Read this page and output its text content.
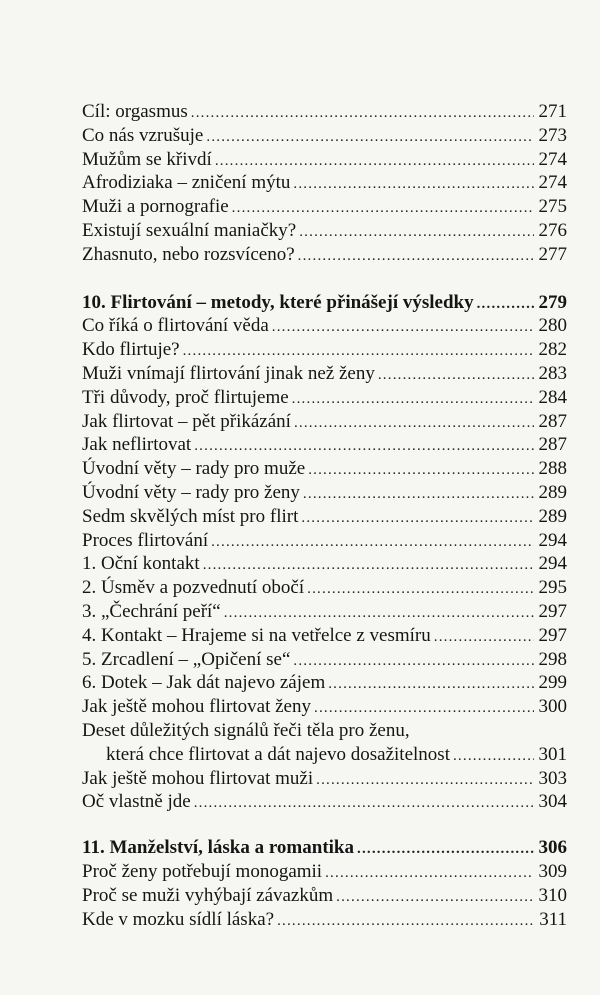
Cíl: orgasmus .....	271
Co nás vzrušuje .....	273
Mužům se křivdí .....	274
Afrodiziaka – zničení mýtu .....	274
Muži a pornografie .....	275
Existují sexuální maniačky? .....	276
Zhasnuto, nebo rozsvíceno? .....	277
10. Flirtování – metody, které přinášejí výsledky .....	279
Co říká o flirtování věda .....	280
Kdo flirtuje? .....	282
Muži vnímají flirtování jinak než ženy .....	283
Tři důvody, proč flirtujeme .....	284
Jak flirtovat – pět přikázání .....	287
Jak neflirtovat .....	287
Úvodní věty – rady pro muže .....	288
Úvodní věty – rady pro ženy .....	289
Sedm skvělých míst pro flirt .....	289
Proces flirtování .....	294
1. Oční kontakt .....	294
2. Úsměv a pozvednutí obočí .....	295
3. „Čechrání peří“ .....	297
4. Kontakt – Hrajeme si na vetřelce z vesmíru .....	297
5. Zrcadlení – „Opičení se“ .....	298
6. Dotek – Jak dát najevo zájem .....	299
Jak ještě mohou flirtovat ženy .....	300
Deset důležitých signálů řeči těla pro ženu,
která chce flirtovat a dát najevo dosažitelnost .....	301
Jak ještě mohou flirtovat muži .....	303
Oč vlastně jde .....	304
11. Manželství, láska a romantika .....	306
Proč ženy potřebují monogamii .....	309
Proč se muži vyhýbají závazkům .....	310
Kde v mozku sídlí láska? .....	311
